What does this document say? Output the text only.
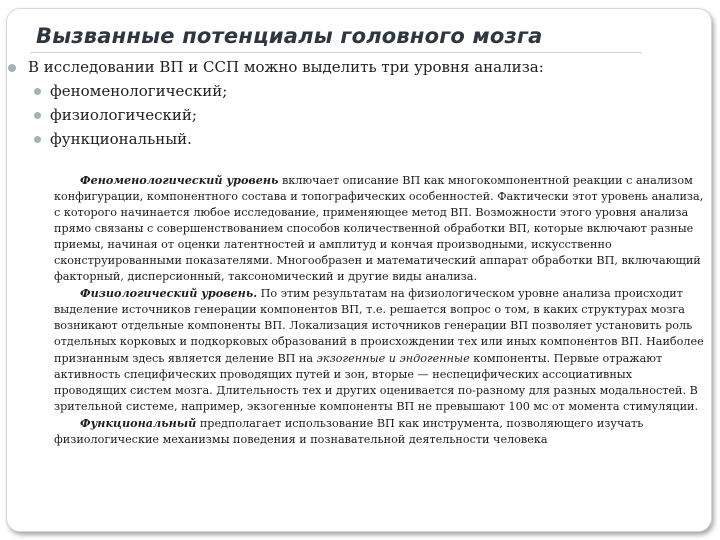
Вызванные потенциалы головного мозга
В исследовании ВП и ССП можно выделить три уровня анализа:
феноменологический;
физиологический;
функциональный.

Феноменологический уровень включает описание ВП как многокомпонентной реакции с анализом конфигурации, компонентного состава и топографических особенностей. Фактически этот уровень анализа, с которого начинается любое исследование, применяющее метод ВП. Возможности этого уровня анализа прямо связаны с совершенствованием способов количественной обработки ВП, которые включают разные приемы, начиная от оценки латентностей и амплитуд и кончая производными, искусственно сконструированными показателями. Многообразен и математический аппарат обработки ВП, включающий факторный, дисперсионный, таксономический и другие виды анализа.

Физиологический уровень. По этим результатам на физиологическом уровне анализа происходит выделение источников генерации компонентов ВП, т.е. решается вопрос о том, в каких структурах мозга возникают отдельные компоненты ВП. Локализация источников генерации ВП позволяет установить роль отдельных корковых и подкорковых образований в происхождении тех или иных компонентов ВП. Наиболее признанным здесь является деление ВП на экзогенные и эндогенные компоненты. Первые отражают активность специфических проводящих путей и зон, вторые — неспецифических ассоциативных проводящих систем мозга. Длительность тех и других оценивается по-разному для разных модальностей. В зрительной системе, например, экзогенные компоненты ВП не превышают 100 мс от момента стимуляции.

Функциональный предполагает использование ВП как инструмента, позволяющего изучать физиологические механизмы поведения и познавательной деятельности человека
